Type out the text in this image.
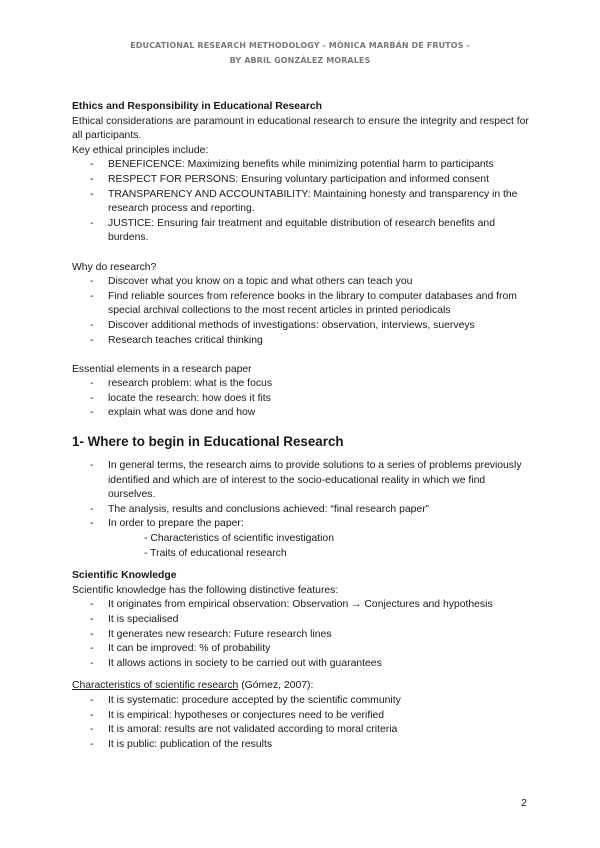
EDUCATIONAL RESEARCH METHODOLOGY - MÓNICA MARBÁN DE FRUTOS -
BY ABRIL GONZÁLEZ MORALES
Ethics and Responsibility in Educational Research

Ethical considerations are paramount in educational research to ensure the integrity and respect for all participants.

Key ethical principles include:

- BENEFICENCE: Maximizing benefits while minimizing potential harm to participants
- RESPECT FOR PERSONS: Ensuring voluntary participation and informed consent
- TRANSPARENCY AND ACCOUNTABILITY: Maintaining honesty and transparency in the research process and reporting.
- JUSTICE: Ensuring fair treatment and equitable distribution of research benefits and burdens.

Why do research?

- Discover what you know on a topic and what others can teach you
- Find reliable sources from reference books in the library to computer databases and from special archival collections to the most recent articles in printed periodicals
- Discover additional methods of investigations: observation, interviews, suerveys
- Research teaches critical thinking

Essential elements in a research paper

- research problem: what is the focus
- locate the research: how does it fits
- explain what was done and how
1- Where to begin in Educational Research
- In general terms, the research aims to provide solutions to a series of problems previously identified and which are of interest to the socio-educational reality in which we find ourselves.
- The analysis, results and conclusions achieved: “final research paper”
- In order to prepare the paper:
- Characteristics of scientific investigation
- Traits of educational research
Scientific Knowledge

Scientific knowledge has the following distinctive features:

- It originates from empirical observation: Observation → Conjectures and hypothesis
- It is specialised
- It generates new research: Future research lines
- It can be improved: % of probability
- It allows actions in society to be carried out with guarantees

Characteristics of scientific research (Gómez, 2007):

- It is systematic: procedure accepted by the scientific community
- It is empirical: hypotheses or conjectures need to be verified
- It is amoral: results are not validated according to moral criteria
- It is public: publication of the results
2
